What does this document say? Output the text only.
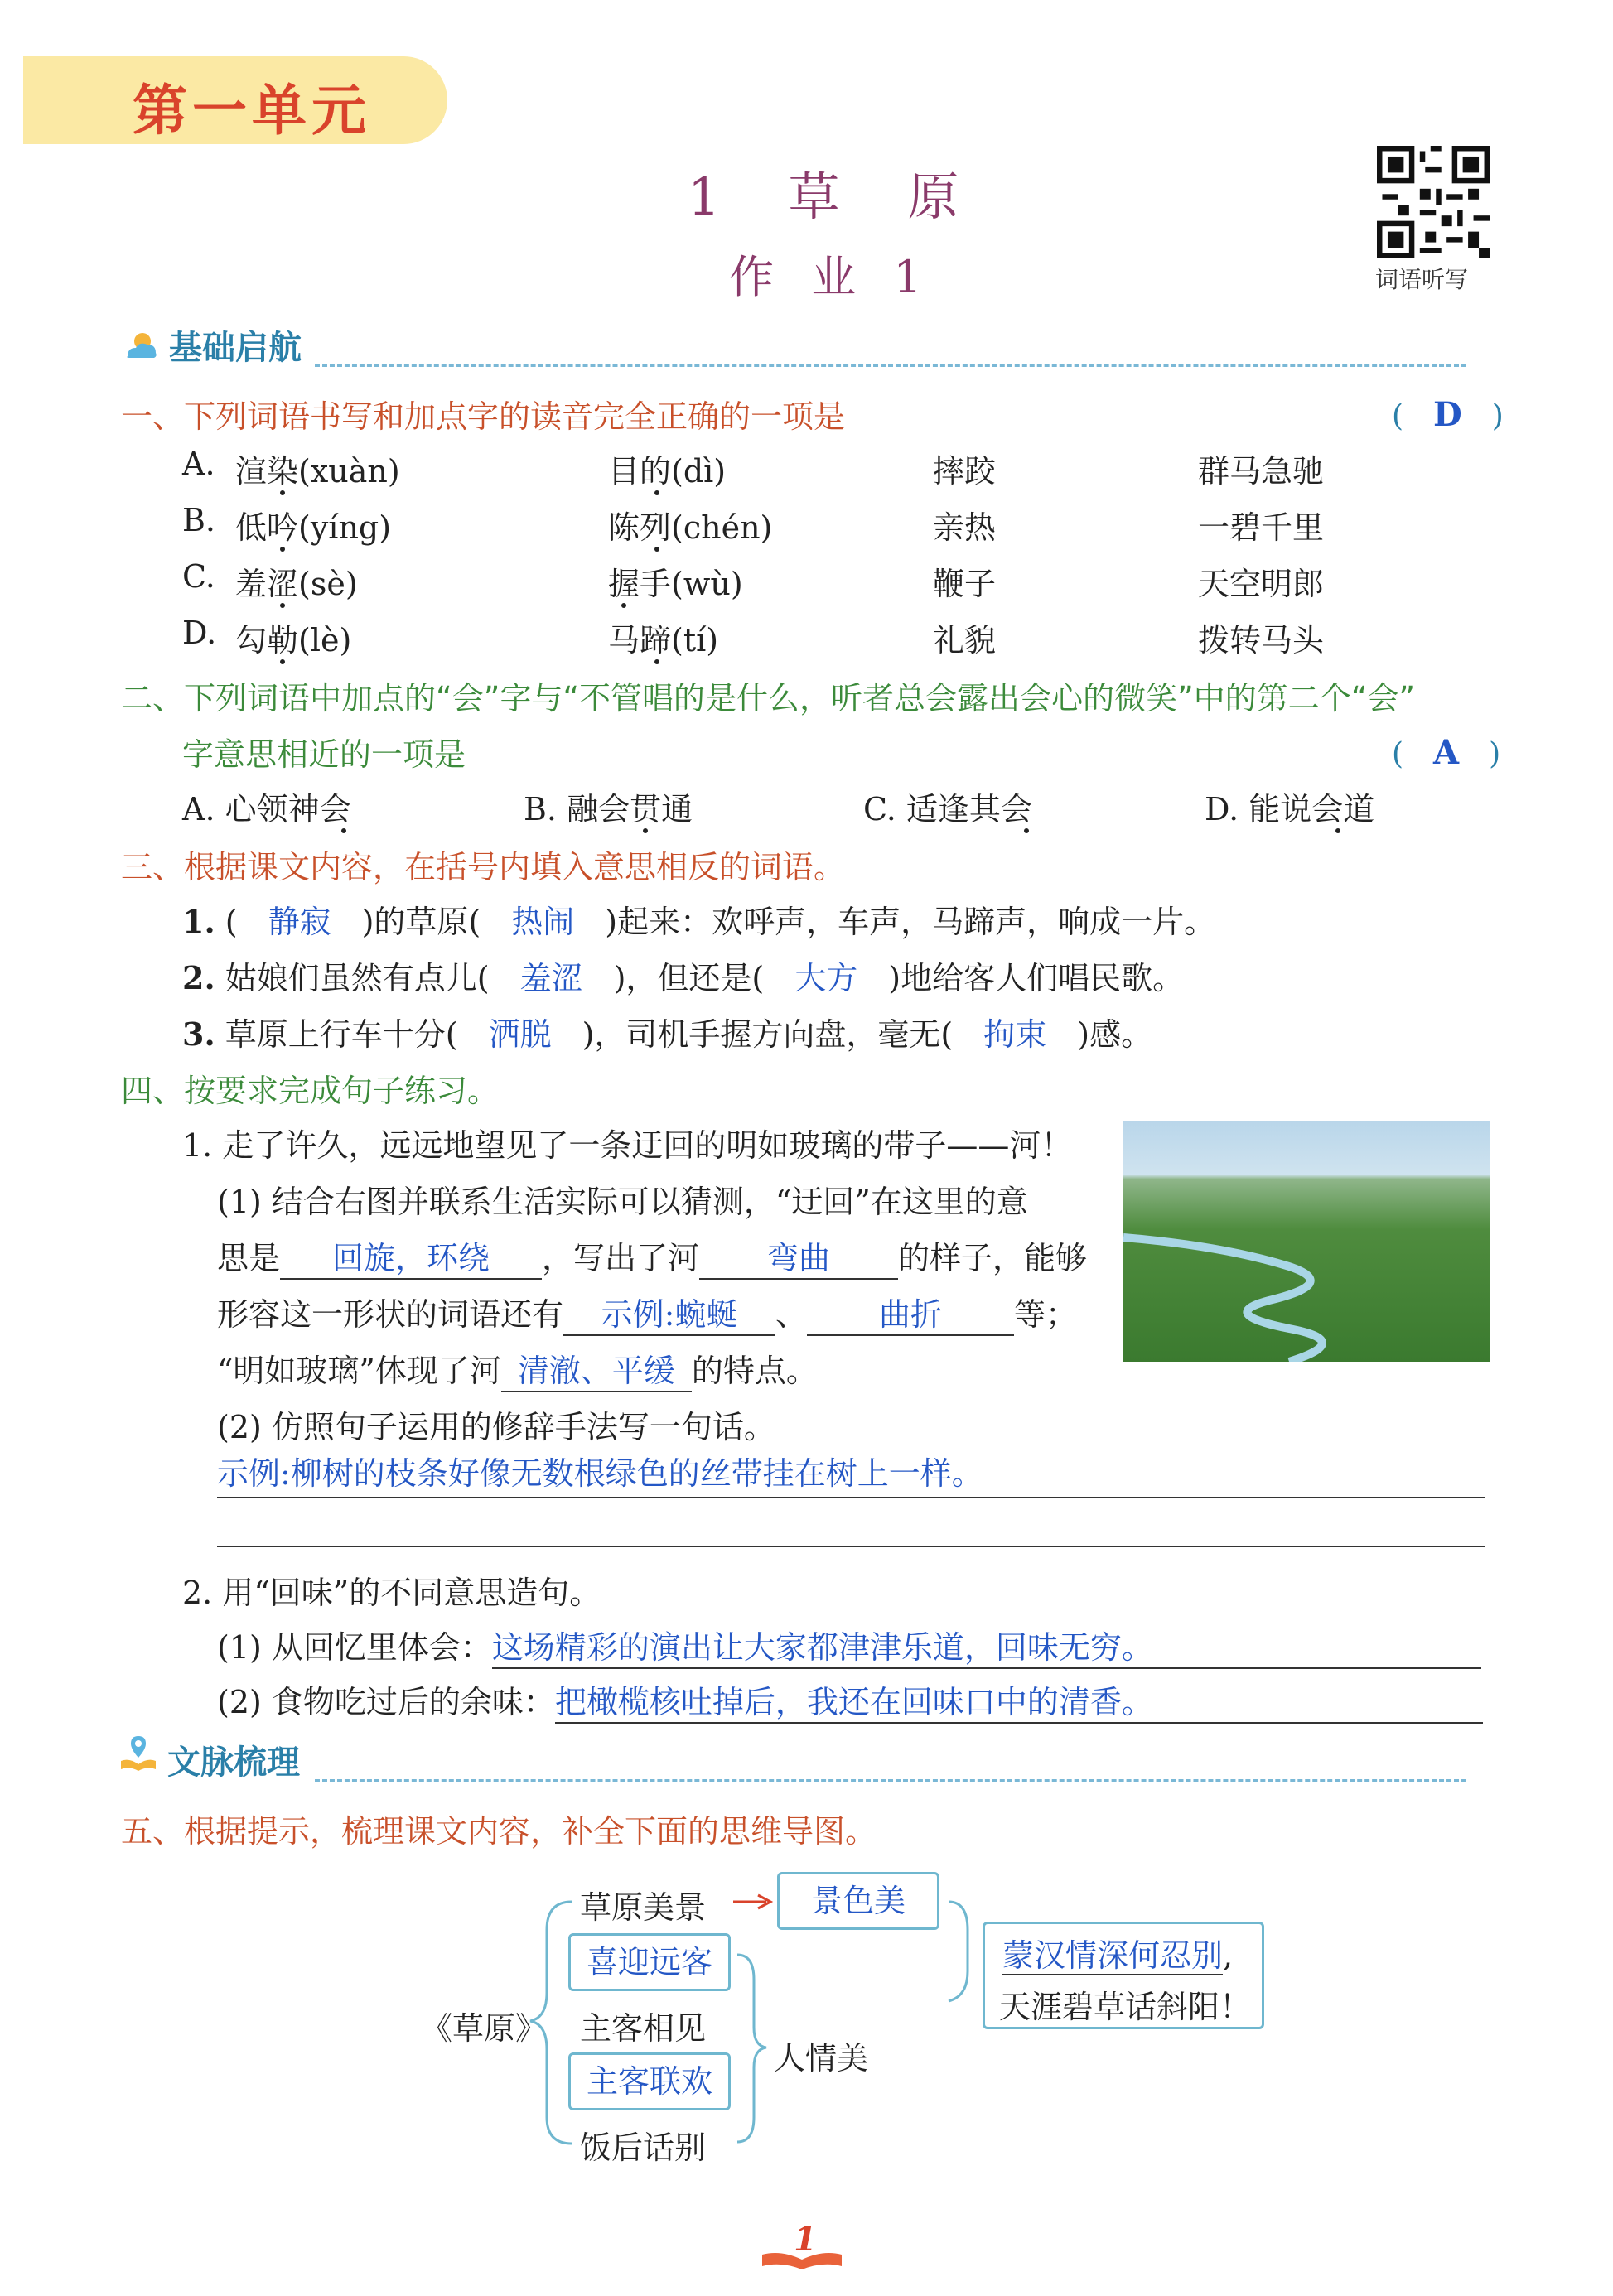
第一单元
1　草　原
作 业 1	词语听写
基础启航
一、下列词语书写和加点字的读音完全正确的一项是	(　D　)
A. 渲染(xuàn)	目的(dì)	摔跤	群马急驰
B. 低吟(yíng)	陈列(chén)	亲热	一碧千里
C. 羞涩(sè)	握手(wù)	鞭子	天空明郎
D. 勾勒(lè)	马蹄(tí)	礼貌	拨转马头
二、下列词语中加点的“会”字与“不管唱的是什么，听者总会露出会心的微笑”中的第二个“会”
字意思相近的一项是	(　A　)
A. 心领神会	B. 融会贯通	C. 适逢其会	D. 能说会道
三、根据课文内容，在括号内填入意思相反的词语。
1. ( 静寂 )的草原( 热闹 )起来：欢呼声，车声，马蹄声，响成一片。
2. 姑娘们虽然有点儿( 羞涩 )，但还是( 大方 )地给客人们唱民歌。
3. 草原上行车十分( 洒脱 )，司机手握方向盘，毫无( 拘束 )感。
四、按要求完成句子练习。
1. 走了许久，远远地望见了一条迂回的明如玻璃的带子——河！
(1) 结合右图并联系生活实际可以猜测，“迂回”在这里的意
思是 回旋，环绕 ，写出了河 弯曲 的样子，能够
形容这一形状的词语还有 示例:蜿蜒 、 曲折 等；
“明如玻璃”体现了河 清澈、平缓 的特点。
(2) 仿照句子运用的修辞手法写一句话。
示例:柳树的枝条好像无数根绿色的丝带挂在树上一样。
2. 用“回味”的不同意思造句。
(1) 从回忆里体会：这场精彩的演出让大家都津津乐道，回味无穷。
(2) 食物吃过后的余味：把橄榄核吐掉后，我还在回味口中的清香。
文脉梳理
五、根据提示，梳理课文内容，补全下面的思维导图。
《草原》
草原美景	景色美
喜迎远客
主客相见
主客联欢
饭后话别
人情美
蒙汉情深何忍别,
天涯碧草话斜阳！
1
